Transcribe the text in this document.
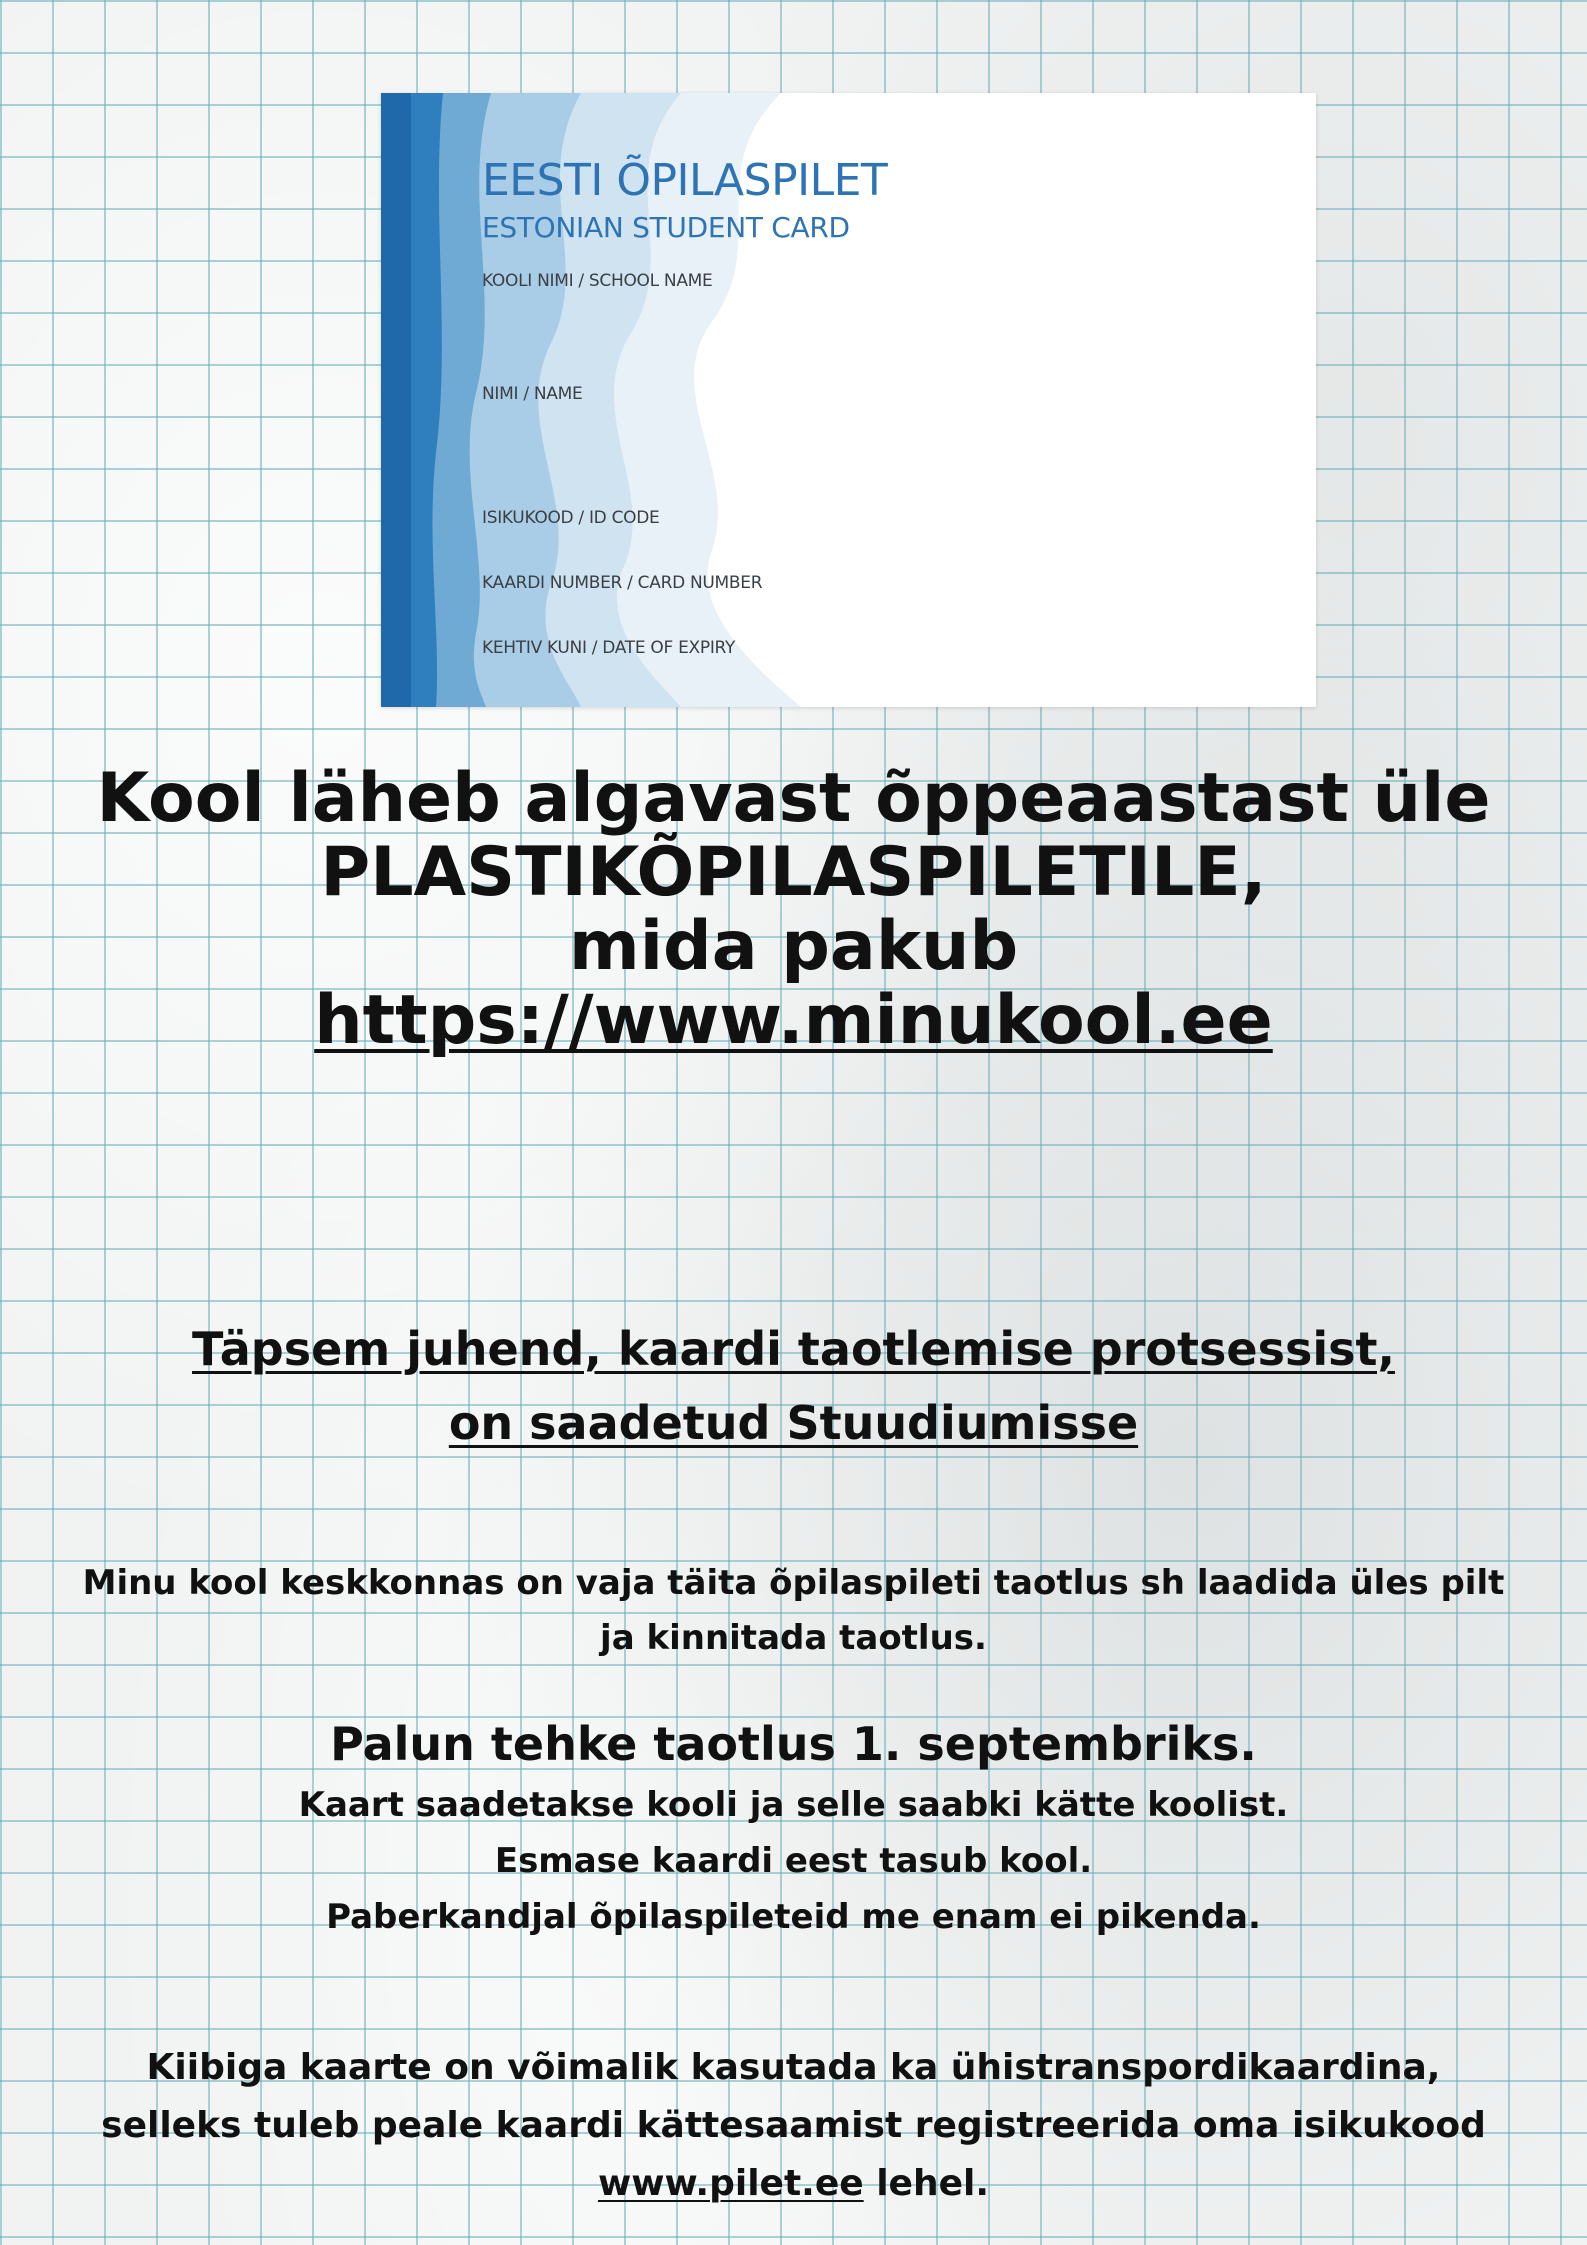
EESTI ÕPILASPILET
ESTONIAN STUDENT CARD
KOOLI NIMI / SCHOOL NAME
NIMI / NAME
ISIKUKOOD / ID CODE
KAARDI NUMBER / CARD NUMBER
KEHTIV KUNI / DATE OF EXPIRY
Kool läheb algavast õppeaastast üle
PLASTIKÕPILASPILETILE,
mida pakub
https://www.minukool.ee
Täpsem juhend, kaardi taotlemise protsessist,
on saadetud Stuudiumisse
Minu kool keskkonnas on vaja täita õpilaspileti taotlus sh laadida üles pilt
ja kinnitada taotlus.
Palun tehke taotlus 1. septembriks.
Kaart saadetakse kooli ja selle saabki kätte koolist.
Esmase kaardi eest tasub kool.
Paberkandjal õpilaspileteid me enam ei pikenda.
Kiibiga kaarte on võimalik kasutada ka ühistranspordikaardina,
selleks tuleb peale kaardi kättesaamist registreerida oma isikukood
www.pilet.ee lehel.
